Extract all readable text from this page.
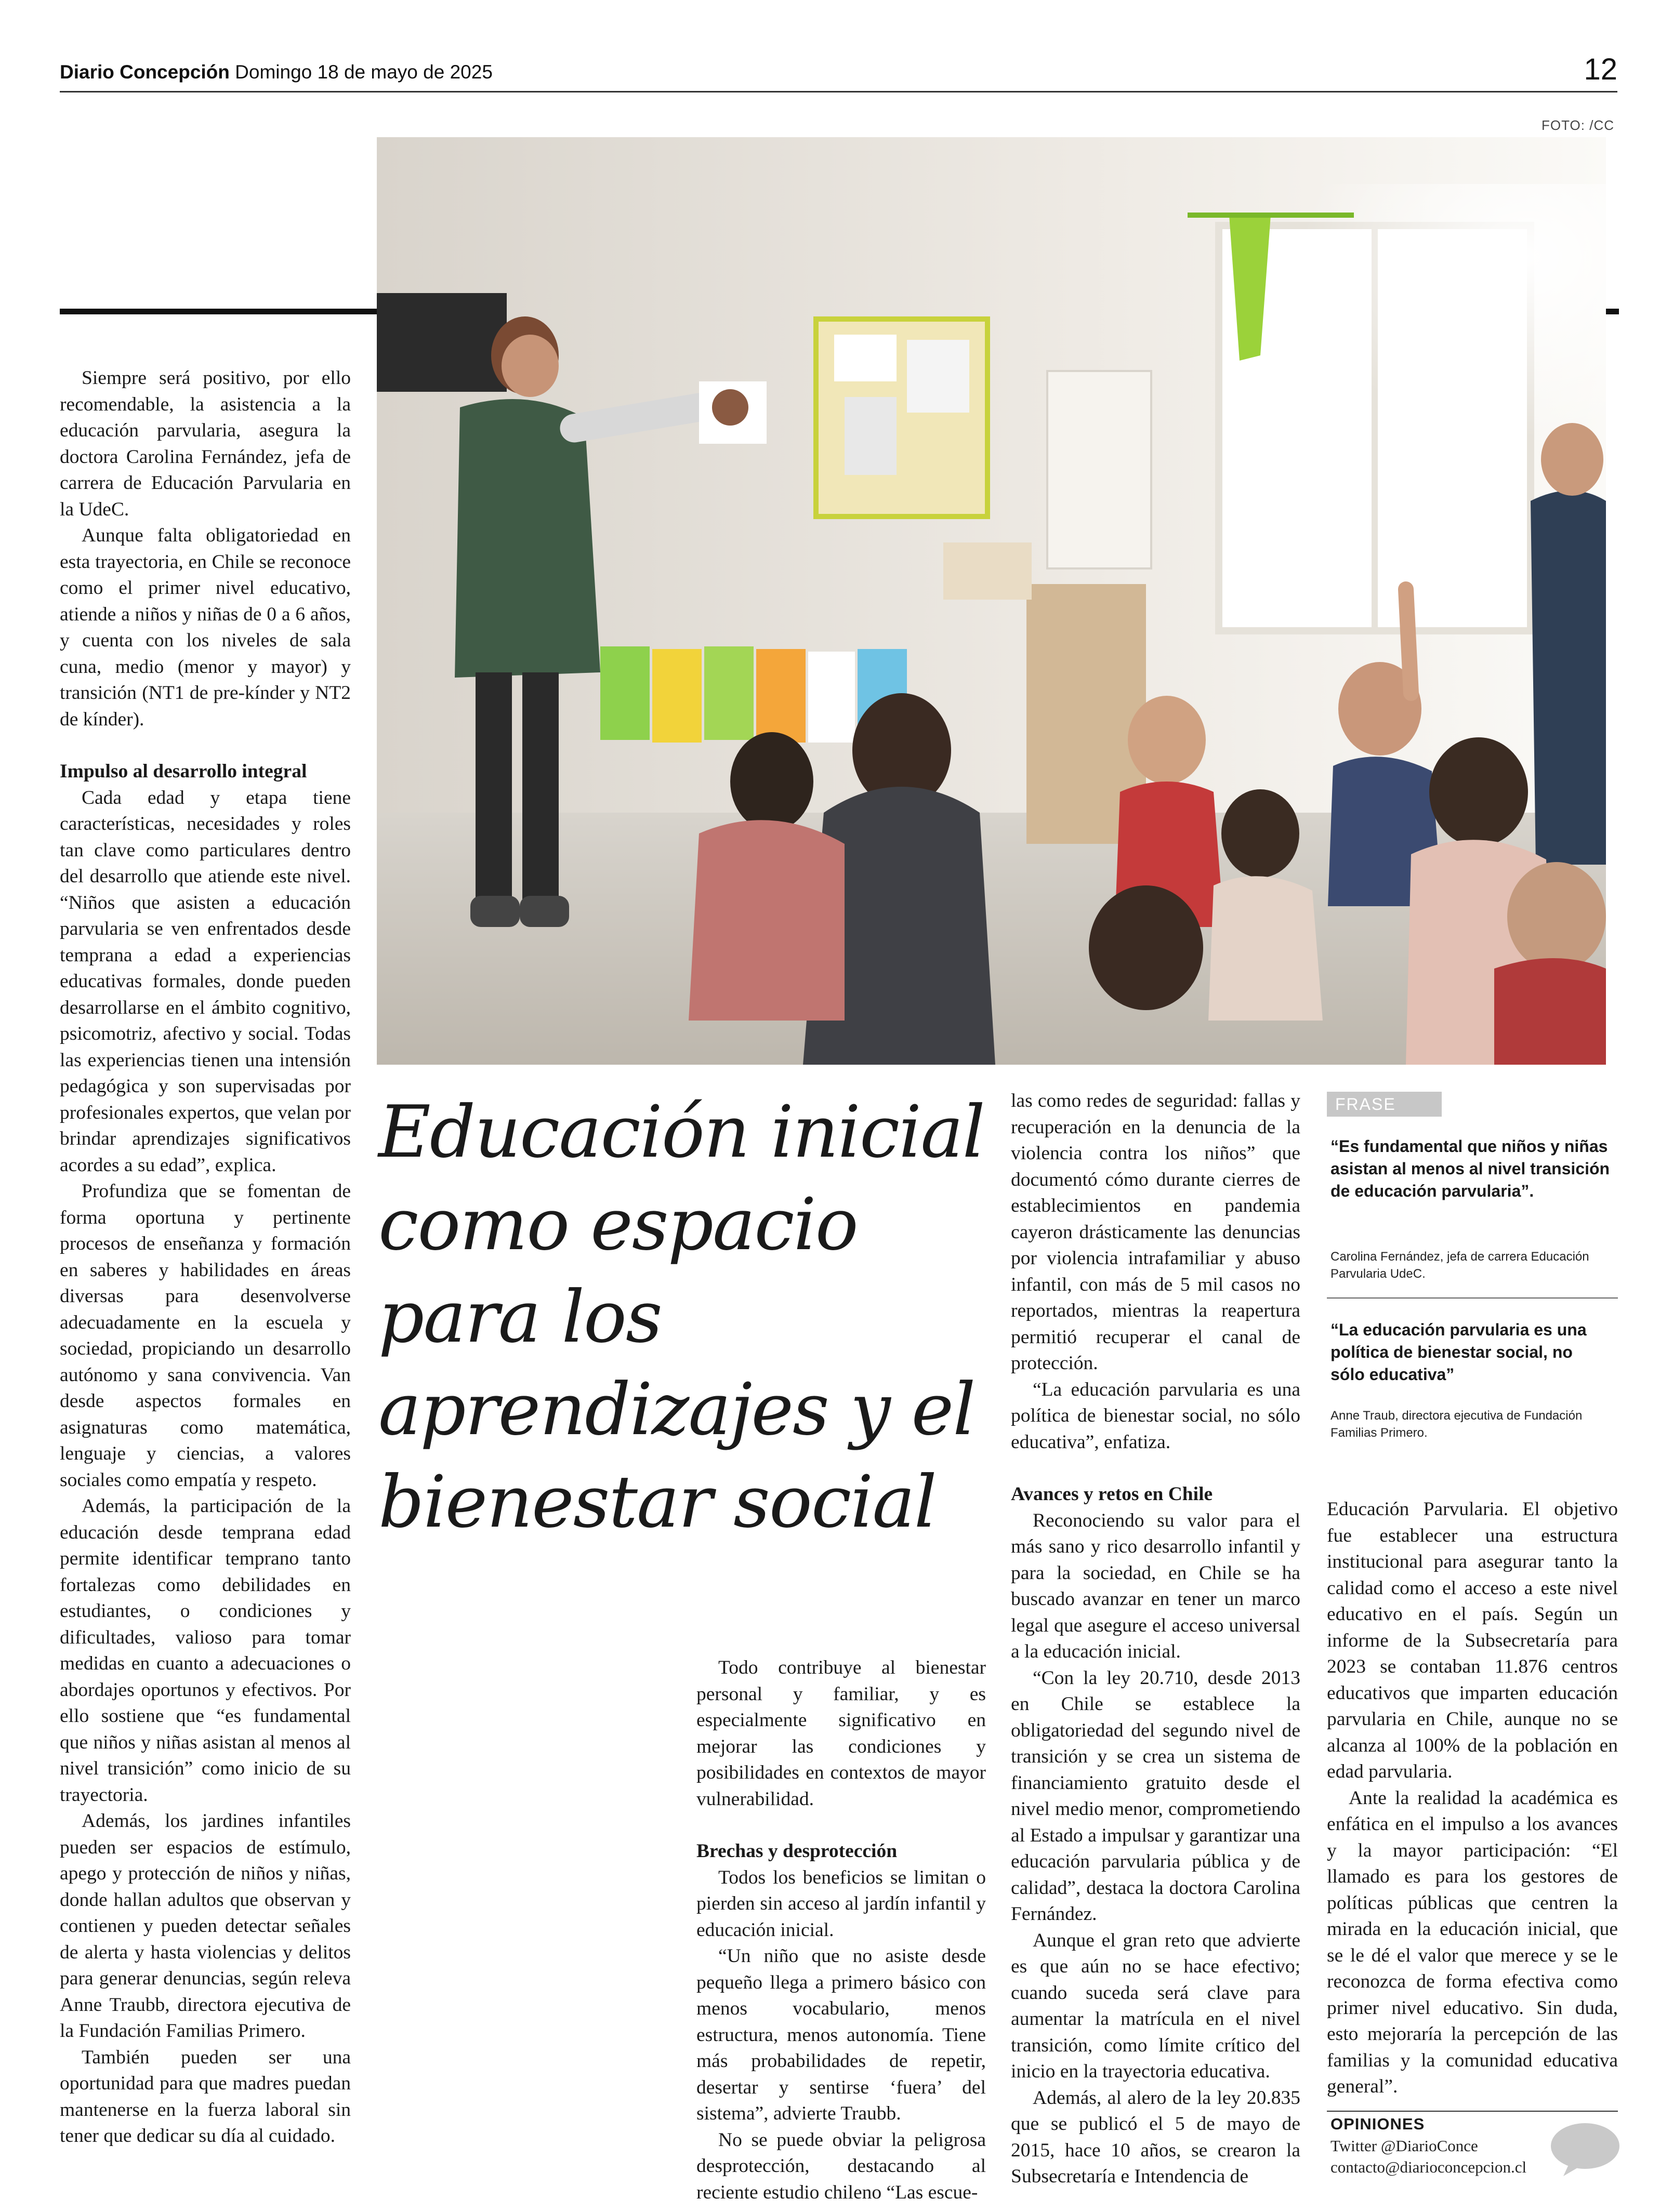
Diario Concepción Domingo 18 de mayo de 2025	12
FOTO: /CC

Siempre será positivo, por ello recomendable, la asistencia a la educación parvularia, asegura la doctora Carolina Fernández, jefa de carrera de Educación Parvularia en la UdeC.

Aunque falta obligatoriedad en esta trayectoria, en Chile se reconoce como el primer nivel educativo, atiende a niños y niñas de 0 a 6 años, y cuenta con los niveles de sala cuna, medio (menor y mayor) y transición (NT1 de pre-kínder y NT2 de kínder).

Impulso al desarrollo integral

Cada edad y etapa tiene características, necesidades y roles tan clave como particulares dentro del desarrollo que atiende este nivel. “Niños que asisten a educación parvularia se ven enfrentados desde temprana a edad a experiencias educativas formales, donde pueden desarrollarse en el ámbito cognitivo, psicomotriz, afectivo y social. Todas las experiencias tienen una intensión pedagógica y son supervisadas por profesionales expertos, que velan por brindar aprendizajes significativos acordes a su edad”, explica.

Profundiza que se fomentan de forma oportuna y pertinente procesos de enseñanza y formación en saberes y habilidades en áreas diversas para desenvolverse adecuadamente en la escuela y sociedad, propiciando un desarrollo autónomo y sana convivencia. Van desde aspectos formales en asignaturas como matemática, lenguaje y ciencias, a valores sociales como empatía y respeto.

Además, la participación de la educación desde temprana edad permite identificar temprano tanto fortalezas como debilidades en estudiantes, o condiciones y dificultades, valioso para tomar medidas en cuanto a adecuaciones o abordajes oportunos y efectivos. Por ello sostiene que “es fundamental que niños y niñas asistan al menos al nivel transición” como inicio de su trayectoria.

Además, los jardines infantiles pueden ser espacios de estímulo, apego y protección de niños y niñas, donde hallan adultos que observan y contienen y pueden detectar señales de alerta y hasta violencias y delitos para generar denuncias, según releva Anne Traubb, directora ejecutiva de la Fundación Familias Primero.

También pueden ser una oportunidad para que madres puedan mantenerse en la fuerza laboral sin tener que dedicar su día al cuidado.

Educación inicial como espacio para los aprendizajes y el bienestar social

Todo contribuye al bienestar personal y familiar, y es especialmente significativo en mejorar las condiciones y posibilidades en contextos de mayor vulnerabilidad.

Brechas y desprotección

Todos los beneficios se limitan o pierden sin acceso al jardín infantil y educación inicial.

“Un niño que no asiste desde pequeño llega a primero básico con menos vocabulario, menos estructura, menos autonomía. Tiene más probabilidades de repetir, desertar y sentirse ‘fuera’ del sistema”, advierte Traubb.

No se puede obviar la peligrosa desprotección, destacando al reciente estudio chileno “Las escue-

las como redes de seguridad: fallas y recuperación en la denuncia de la violencia contra los niños” que documentó cómo durante cierres de establecimientos en pandemia cayeron drásticamente las denuncias por violencia intrafamiliar y abuso infantil, con más de 5 mil casos no reportados, mientras la reapertura permitió recuperar el canal de protección.

“La educación parvularia es una política de bienestar social, no sólo educativa”, enfatiza.

Avances y retos en Chile

Reconociendo su valor para el más sano y rico desarrollo infantil y para la sociedad, en Chile se ha buscado avanzar en tener un marco legal que asegure el acceso universal a la educación inicial.

“Con la ley 20.710, desde 2013 en Chile se establece la obligatoriedad del segundo nivel de transición y se crea un sistema de financiamiento gratuito desde el nivel medio menor, comprometiendo al Estado a impulsar y garantizar una educación parvularia pública y de calidad”, destaca la doctora Carolina Fernández.

Aunque el gran reto que advierte es que aún no se hace efectivo; cuando suceda será clave para aumentar la matrícula en el nivel transición, como límite crítico del inicio en la trayectoria educativa.

Además, al alero de la ley 20.835 que se publicó el 5 de mayo de 2015, hace 10 años, se crearon la Subsecretaría e Intendencia de

FRASE
“Es fundamental que niños y niñas asistan al menos al nivel transición de educación parvularia”.
Carolina Fernández, jefa de carrera Educación Parvularia UdeC.
“La educación parvularia es una política de bienestar social, no sólo educativa”
Anne Traub, directora ejecutiva de Fundación Familias Primero.

Educación Parvularia. El objetivo fue establecer una estructura institucional para asegurar tanto la calidad como el acceso a este nivel educativo en el país. Según un informe de la Subsecretaría para 2023 se contaban 11.876 centros educativos que imparten educación parvularia en Chile, aunque no se alcanza al 100% de la población en edad parvularia.

Ante la realidad la académica es enfática en el impulso a los avances y la mayor participación: “El llamado es para los gestores de políticas públicas que centren la mirada en la educación inicial, que se le dé el valor que merece y se le reconozca de forma efectiva como primer nivel educativo. Sin duda, esto mejoraría la percepción de las familias y la comunidad educativa general”.

OPINIONES
Twitter @DiarioConce
contacto@diarioconcepcion.cl
